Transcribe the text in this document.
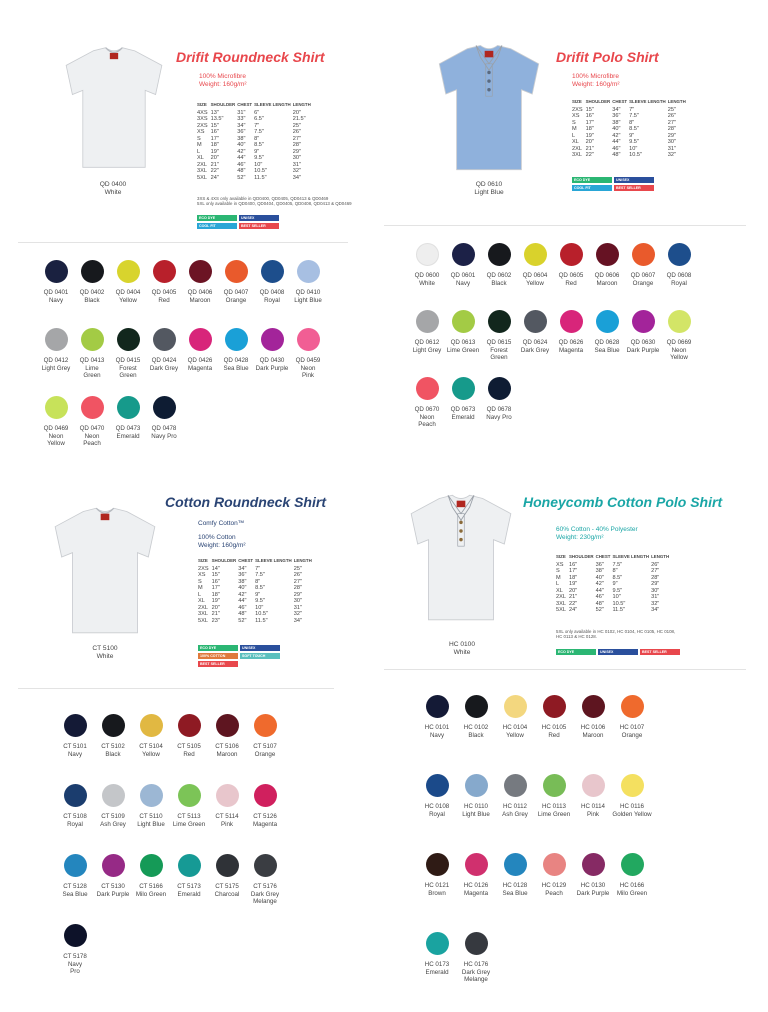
Drifit Roundneck Shirt
100% Microfibre
Weight: 160g/m²
SIZE	SHOULDER	CHEST	SLEEVE LENGTH	LENGTH
4XS	13"	31"	6"	20"
3XS	13.5"	33"	6.5"	21.5"
2XS	15"	34"	7"	25"
XS	16"	36"	7.5"	26"
S	17"	38"	8"	27"
M	18"	40"	8.5"	28"
L	19"	42"	9"	29"
XL	20"	44"	9.5"	30"
2XL	21"	46"	10"	31"
3XL	22"	48"	10.5"	32"
5XL	24"	52"	11.5"	34"
3XS & 4XS only available in QD0400, QD0405, QD0413 & QD0469
5XL only available in QD0400, QD0404, QD0405, QD0408, QD0413 & QD0469
ECO DYE	UNISEX
COOL FIT	BEST SELLER
QD 0400
White
QD 0401
Navy
QD 0402
Black
QD 0404
Yellow
QD 0405
Red
QD 0406
Maroon
QD 0407
Orange
QD 0408
Royal
QD 0410
Light Blue
QD 0412
Light Grey
QD 0413
Lime
Green
QD 0415
Forest
Green
QD 0424
Dark Grey
QD 0426
Magenta
QD 0428
Sea Blue
QD 0430
Dark Purple
QD 0459
Neon
Pink
QD 0469
Neon
Yellow
QD 0470
Neon
Peach
QD 0473
Emerald
QD 0478
Navy Pro
Drifit Polo Shirt
100% Microfibre
Weight: 160g/m²
SIZE	SHOULDER	CHEST	SLEEVE LENGTH	LENGTH
2XS	15"	34"	7"	25"
XS	16"	36"	7.5"	26"
S	17"	38"	8"	27"
M	18"	40"	8.5"	28"
L	19"	42"	9"	29"
XL	20"	44"	9.5"	30"
2XL	21"	46"	10"	31"
3XL	22"	48"	10.5"	32"
ECO DYE	UNISEX
COOL FIT	BEST SELLER
QD 0610
Light Blue
QD 0600
White
QD 0601
Navy
QD 0602
Black
QD 0604
Yellow
QD 0605
Red
QD 0606
Maroon
QD 0607
Orange
QD 0608
Royal
QD 0612
Light Grey
QD 0613
Lime Green
QD 0615
Forest
Green
QD 0624
Dark Grey
QD 0626
Magenta
QD 0628
Sea Blue
QD 0630
Dark Purple
QD 0669
Neon
Yellow
QD 0670
Neon
Peach
QD 0673
Emerald
QD 0678
Navy Pro
Cotton Roundneck Shirt
Comfy Cotton™
100% Cotton
Weight: 160g/m²
SIZE	SHOULDER	CHEST	SLEEVE LENGTH	LENGTH
2XS	14"	34"	7"	25"
XS	15"	36"	7.5"	26"
S	16"	38"	8"	27"
M	17"	40"	8.5"	28"
L	18"	42"	9"	29"
XL	19"	44"	9.5"	30"
2XL	20"	46"	10"	31"
3XL	21"	48"	10.5"	32"
5XL	23"	52"	11.5"	34"
ECO DYE	UNISEX
100% COTTON	SOFT TOUCH
BEST SELLER
CT 5100
White
CT 5101
Navy
CT 5102
Black
CT 5104
Yellow
CT 5105
Red
CT 5106
Maroon
CT 5107
Orange
CT 5108
Royal
CT 5109
Ash Grey
CT 5110
Light Blue
CT 5113
Lime Green
CT 5114
Pink
CT 5126
Magenta
CT 5128
Sea Blue
CT 5130
Dark Purple
CT 5166
Milo Green
CT 5173
Emerald
CT 5175
Charcoal
CT 5176
Dark Grey
Melange
CT 5178
Navy
Pro
Honeycomb Cotton Polo Shirt
60% Cotton - 40% Polyester
Weight: 230g/m²
SIZE	SHOULDER	CHEST	SLEEVE LENGTH	LENGTH
XS	16"	36"	7.5"	26"
S	17"	38"	8"	27"
M	18"	40"	8.5"	28"
L	19"	42"	9"	29"
XL	20"	44"	9.5"	30"
2XL	21"	46"	10"	31"
3XL	22"	48"	10.5"	32"
5XL	24"	52"	11.5"	34"
5XL only available in HC 0102, HC 0104, HC 0105, HC 0108,
HC 0113 & HC 0128.
ECO DYE	UNISEX	BEST SELLER
HC 0100
White
HC 0101
Navy
HC 0102
Black
HC 0104
Yellow
HC 0105
Red
HC 0106
Maroon
HC 0107
Orange
HC 0108
Royal
HC 0110
Light Blue
HC 0112
Ash Grey
HC 0113
Lime Green
HC 0114
Pink
HC 0116
Golden Yellow
HC 0121
Brown
HC 0126
Magenta
HC 0128
Sea Blue
HC 0129
Peach
HC 0130
Dark Purple
HC 0166
Milo Green
HC 0173
Emerald
HC 0176
Dark Grey
Melange
